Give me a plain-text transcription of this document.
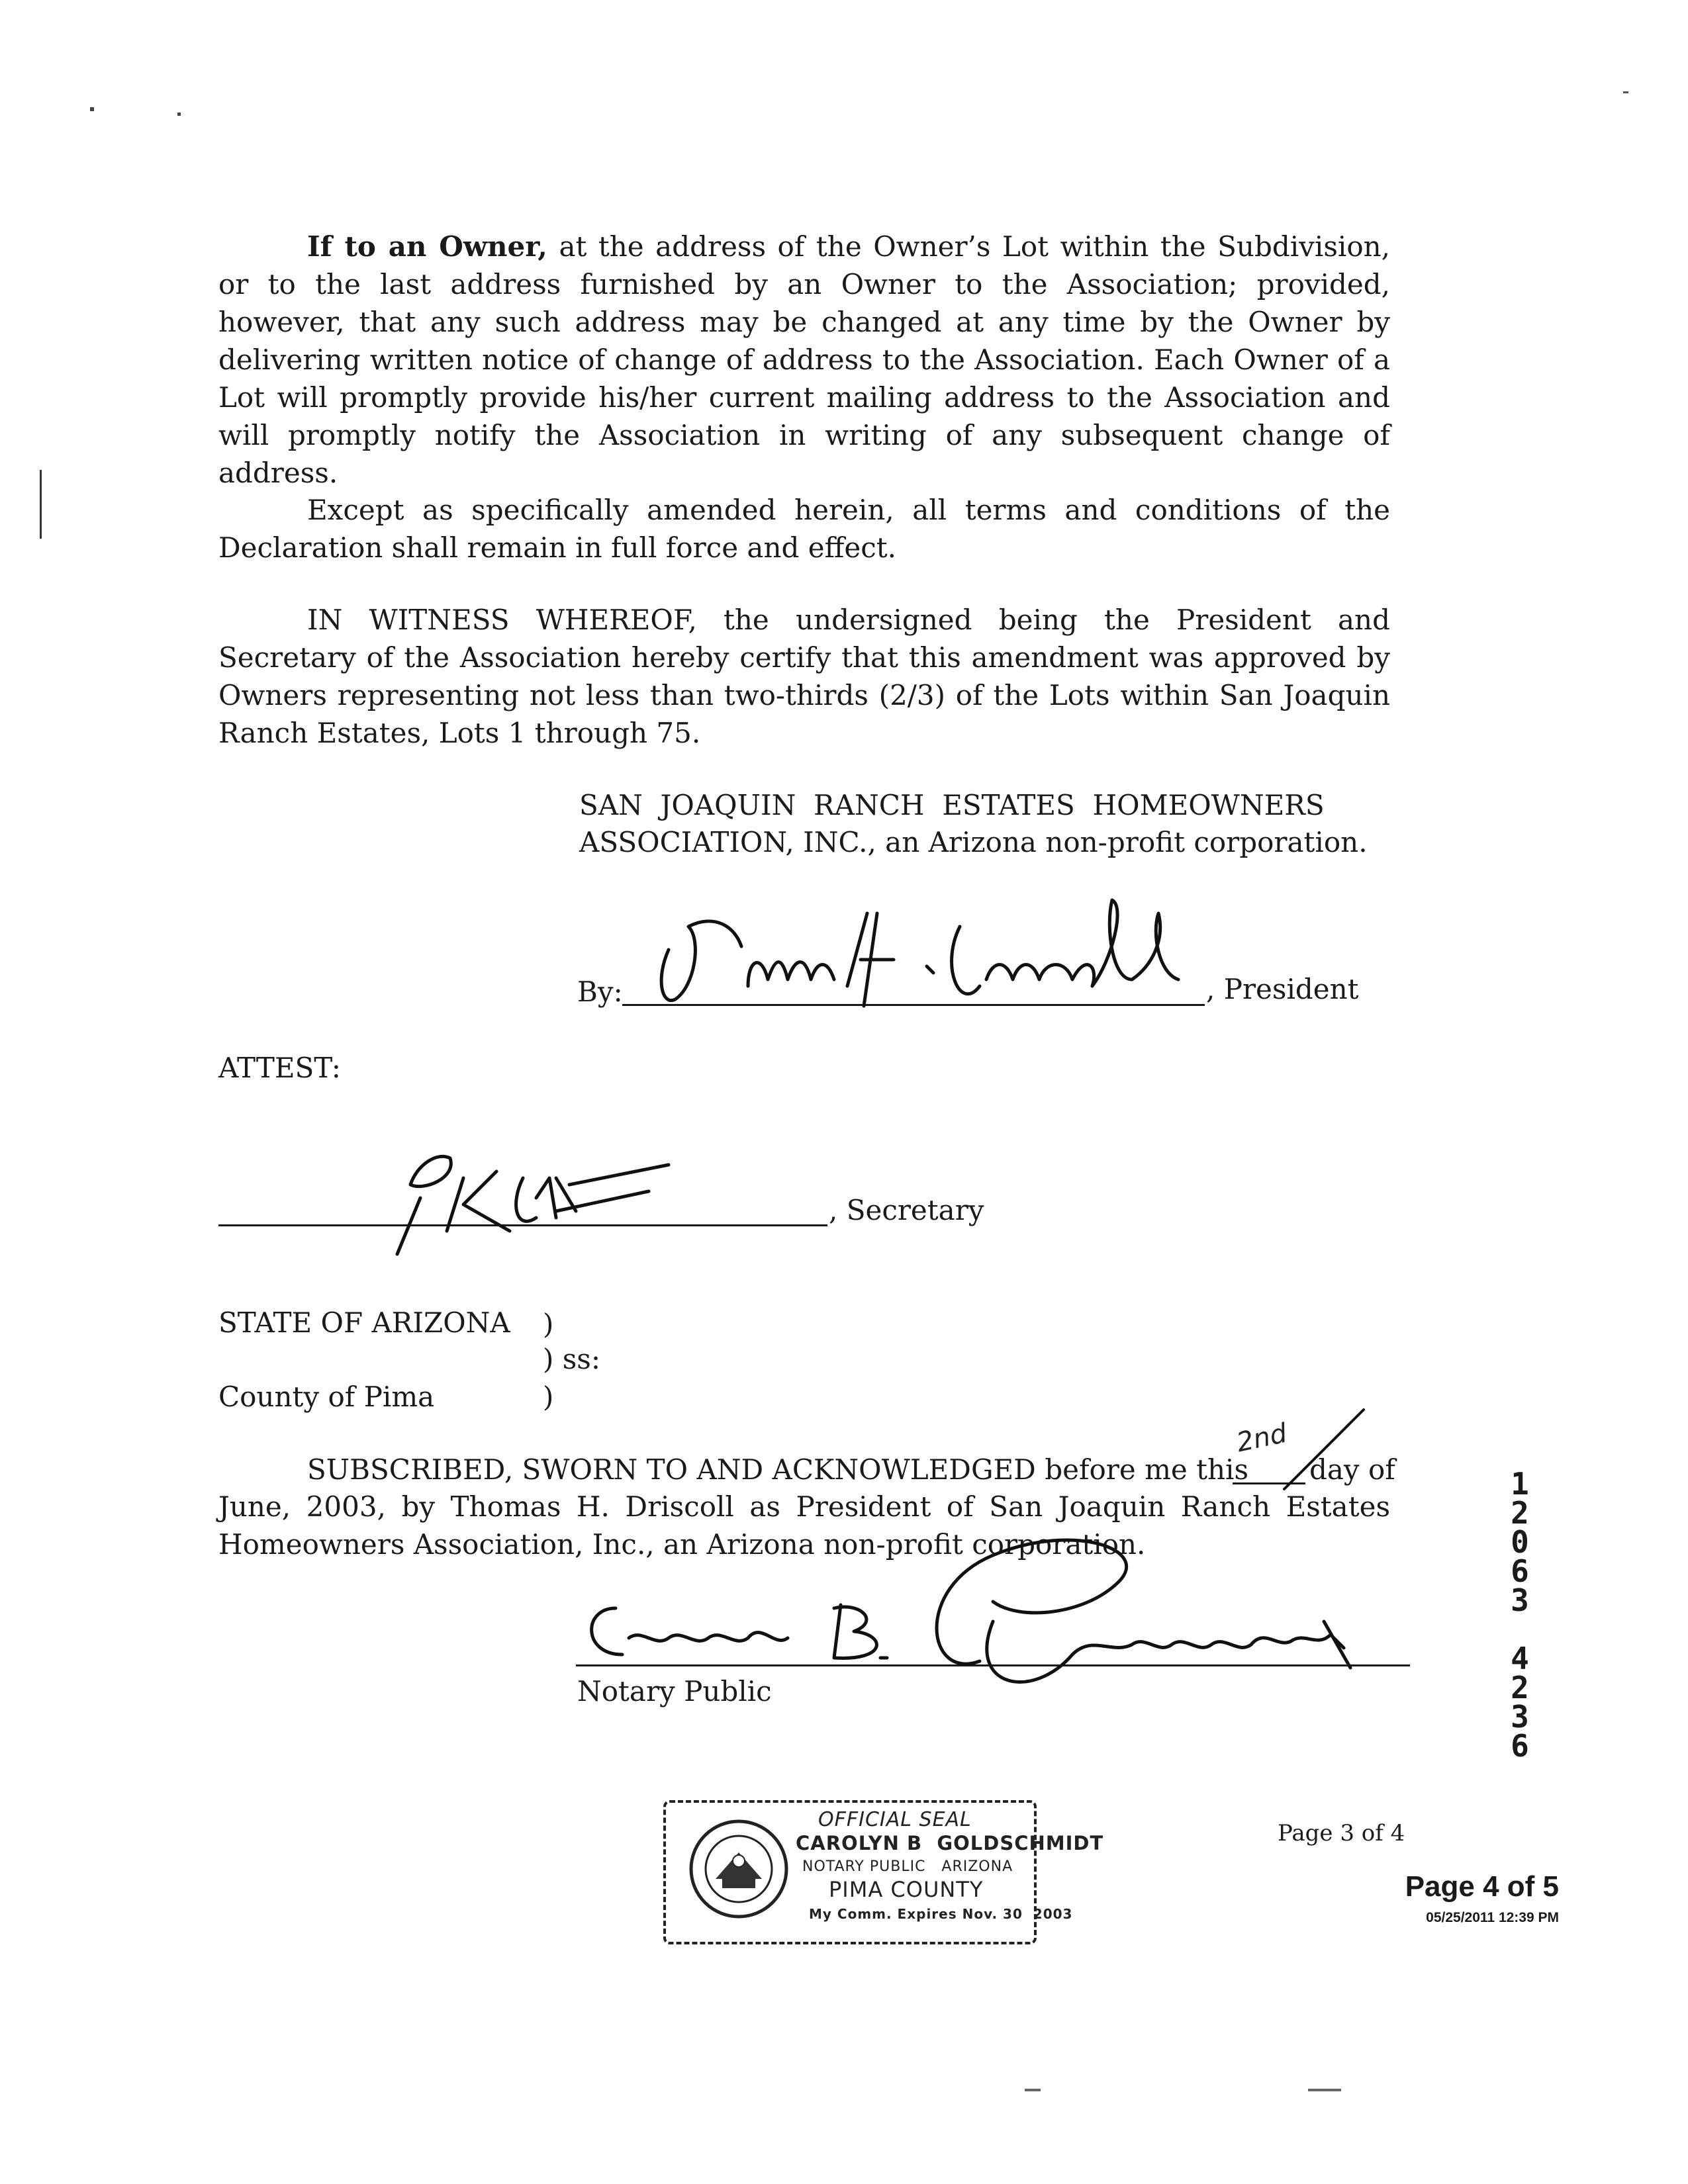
If to an Owner, at the address of the Owner’s Lot within the Subdivision, or to the last address furnished by an Owner to the Association; provided, however, that any such address may be changed at any time by the Owner by delivering written notice of change of address to the Association. Each Owner of a Lot will promptly provide his/her current mailing address to the Association and will promptly notify the Association in writing of any subsequent change of address.
Except as specifically amended herein, all terms and conditions of the Declaration shall remain in full force and effect.
IN WITNESS WHEREOF, the undersigned being the President and Secretary of the Association hereby certify that this amendment was approved by Owners representing not less than two-thirds (2/3) of the Lots within San Joaquin Ranch Estates, Lots 1 through 75.
SAN  JOAQUIN  RANCH  ESTATES  HOMEOWNERS
ASSOCIATION, INC., an Arizona non-profit corporation.
By:	, President
ATTEST:
, Secretary
STATE OF ARIZONA )
) ss:
County of Pima	)
SUBSCRIBED, SWORN TO AND ACKNOWLEDGED before me this
2nd
day of
June, 2003, by Thomas H. Driscoll as President of San Joaquin Ranch Estates Homeowners Association, Inc., an Arizona non-profit corporation.
Notary Public
1
2
0
6
3
4
2
3
6
OFFICIAL SEAL
CAROLYN B  GOLDSCHMIDT
NOTARY PUBLIC   ARIZONA
PIMA COUNTY
My Comm. Expires Nov. 30  2003
Page 3 of 4
Page 4 of 5
05/25/2011 12:39 PM
